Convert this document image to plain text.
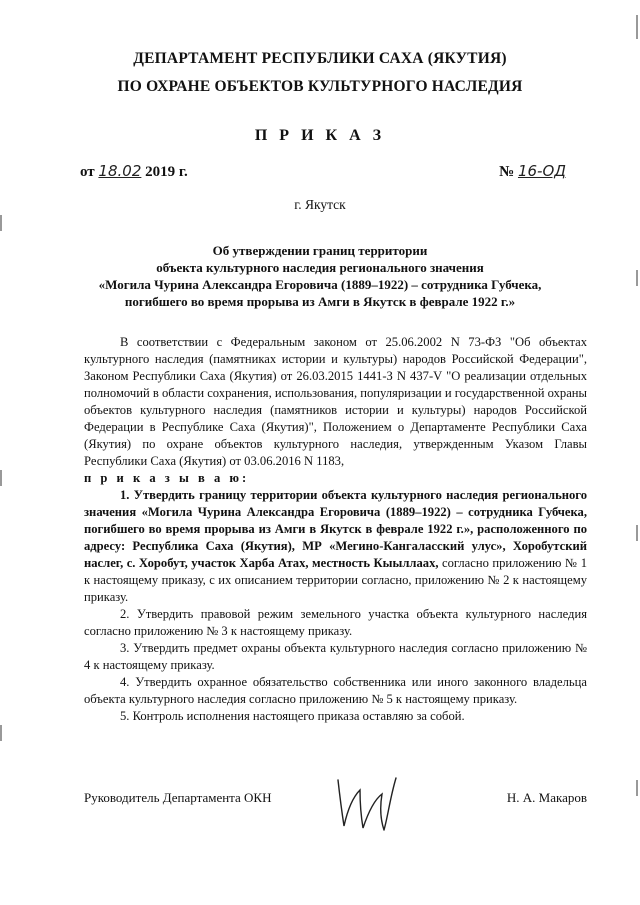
ДЕПАРТАМЕНТ РЕСПУБЛИКИ САХА (ЯКУТИЯ)
ПО ОХРАНЕ ОБЪЕКТОВ КУЛЬТУРНОГО НАСЛЕДИЯ
П Р И К А З
от 18.02 2019 г.	№ 16-ОД
г. Якутск
Об утверждении границ территории
объекта культурного наследия регионального значения
«Могила Чурина Александра Егоровича (1889–1922) – сотрудника Губчека,
погибшего во время прорыва из Амги в Якутск в феврале 1922 г.»

В соответствии с Федеральным законом от 25.06.2002 N 73-ФЗ "Об объектах культурного наследия (памятниках истории и культуры) народов Российской Федерации", Законом Республики Саха (Якутия) от 26.03.2015 1441-З N 437-V "О реализации отдельных полномочий в области сохранения, использования, популяризации и государственной охраны объектов культурного наследия (памятников истории и культуры) народов Российской Федерации в Республике Саха (Якутия)", Положением о Департаменте Республики Саха (Якутия) по охране объектов культурного наследия, утвержденным Указом Главы Республики Саха (Якутия) от 03.06.2016 N 1183,

п р и к а з ы в а ю:

1. Утвердить границу территории объекта культурного наследия регионального значения «Могила Чурина Александра Егоровича (1889–1922) – сотрудника Губчека, погибшего во время прорыва из Амги в Якутск в феврале 1922 г.», расположенного по адресу: Республика Саха (Якутия), МР «Мегино-Кангаласский улус», Хоробутский наслег, с. Хоробут, участок Харба Атах, местность Кыыллаах, согласно приложению № 1 к настоящему приказу, с их описанием территории согласно, приложению № 2 к настоящему приказу.

2. Утвердить правовой режим земельного участка объекта культурного наследия согласно приложению № 3 к настоящему приказу.

3. Утвердить предмет охраны объекта культурного наследия согласно приложению № 4 к настоящему приказу.

4. Утвердить охранное обязательство собственника или иного законного владельца объекта культурного наследия согласно приложению № 5 к настоящему приказу.

5. Контроль исполнения настоящего приказа оставляю за собой.

Руководитель Департамента ОКН	Н. А. Макаров
